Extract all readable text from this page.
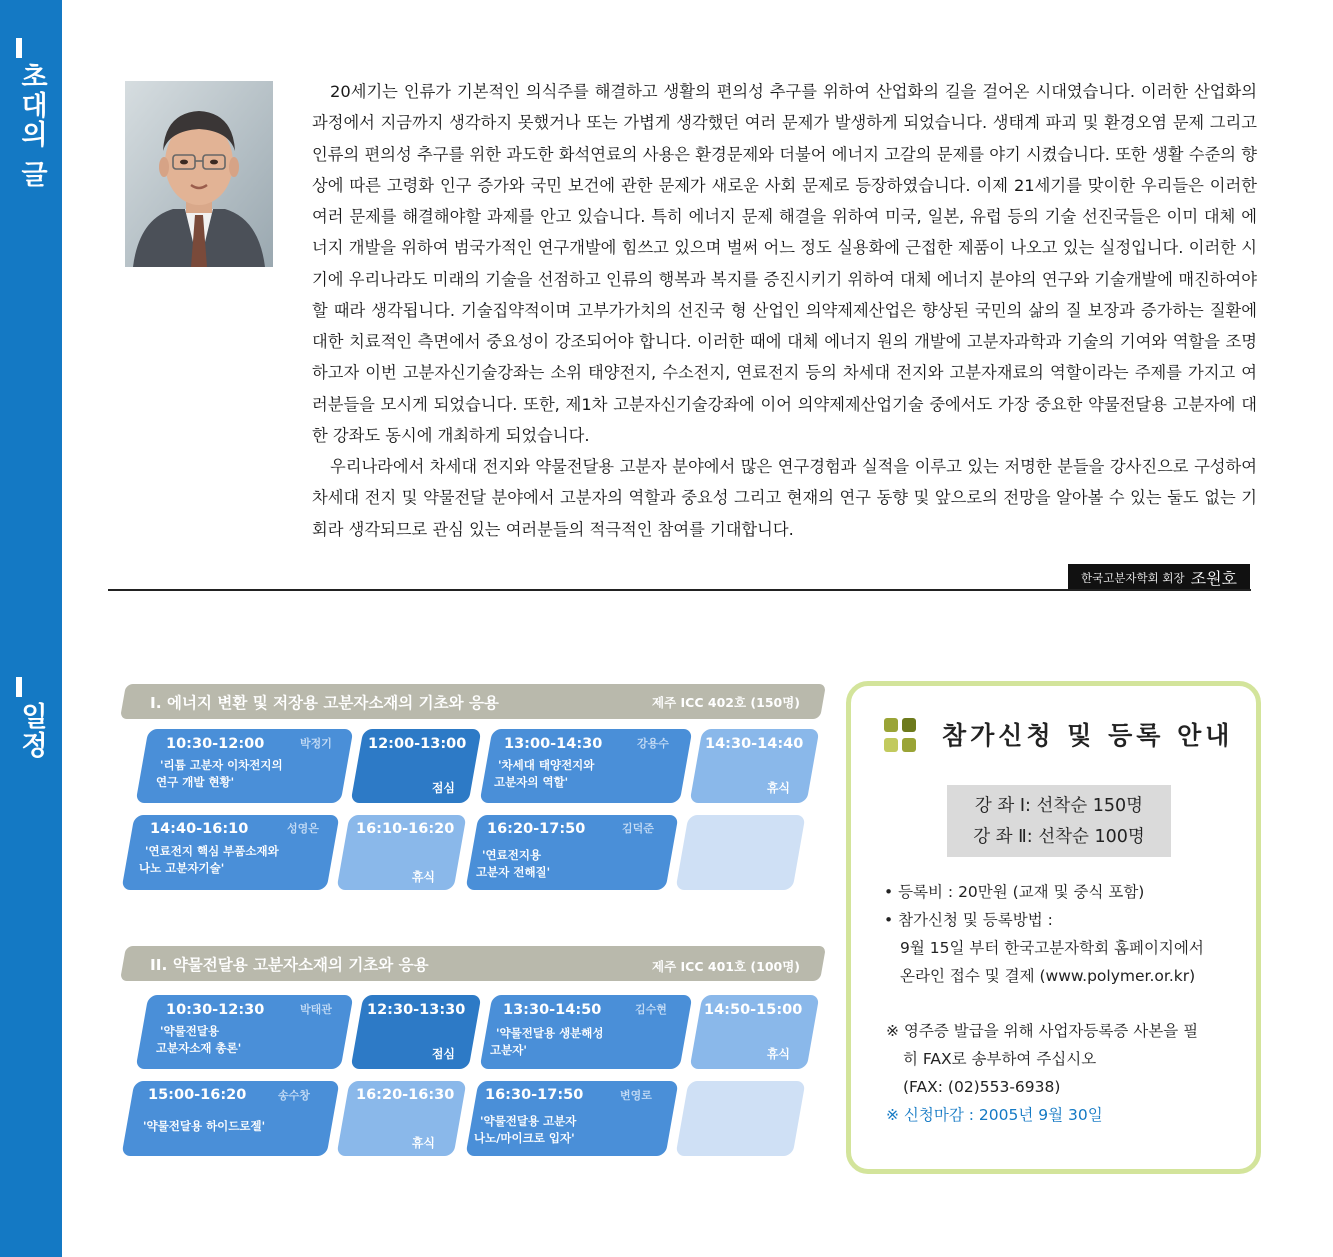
초대의 글
일정

20세기는 인류가 기본적인 의식주를 해결하고 생활의 편의성 추구를 위하여 산업화의 길을 걸어온 시대였습니다. 이러한 산업화의 과정에서 지금까지 생각하지 못했거나 또는 가볍게 생각했던 여러 문제가 발생하게 되었습니다. 생태계 파괴 및 환경오염 문제 그리고 인류의 편의성 추구를 위한 과도한 화석연료의 사용은 환경문제와 더불어 에너지 고갈의 문제를 야기 시켰습니다. 또한 생활 수준의 향상에 따른 고령화 인구 증가와 국민 보건에 관한 문제가 새로운 사회 문제로 등장하였습니다. 이제 21세기를 맞이한 우리들은 이러한 여러 문제를 해결해야할 과제를 안고 있습니다. 특히 에너지 문제 해결을 위하여 미국, 일본, 유럽 등의 기술 선진국들은 이미 대체 에너지 개발을 위하여 범국가적인 연구개발에 힘쓰고 있으며 벌써 어느 정도 실용화에 근접한 제품이 나오고 있는 실정입니다. 이러한 시기에 우리나라도 미래의 기술을 선점하고 인류의 행복과 복지를 증진시키기 위하여 대체 에너지 분야의 연구와 기술개발에 매진하여야 할 때라 생각됩니다. 기술집약적이며 고부가가치의 선진국 형 산업인 의약제제산업은 향상된 국민의 삶의 질 보장과 증가하는 질환에 대한 치료적인 측면에서 중요성이 강조되어야 합니다. 이러한 때에 대체 에너지 원의 개발에 고분자과학과 기술의 기여와 역할을 조명하고자 이번 고분자신기술강좌는 소위 태양전지, 수소전지, 연료전지 등의 차세대 전지와 고분자재료의 역할이라는 주제를 가지고 여러분들을 모시게 되었습니다. 또한, 제1차 고분자신기술강좌에 이어 의약제제산업기술 중에서도 가장 중요한 약물전달용 고분자에 대한 강좌도 동시에 개최하게 되었습니다.

우리나라에서 차세대 전지와 약물전달용 고분자 분야에서 많은 연구경험과 실적을 이루고 있는 저명한 분들을 강사진으로 구성하여 차세대 전지 및 약물전달 분야에서 고분자의 역할과 중요성 그리고 현재의 연구 동향 및 앞으로의 전망을 알아볼 수 있는 둘도 없는 기회라 생각되므로 관심 있는 여러분들의 적극적인 참여를 기대합니다.

한국고분자학회 회장 조원호
I. 에너지 변환 및 저장용 고분자소재의 기초와 응용	제주 ICC 402호 (150명)
10:30-12:00	박정기
'리튬 고분자 이차전지의
연구 개발 현황'
12:00-13:00
점심
13:00-14:30	강용수
'차세대 태양전지와
고분자의 역할'
14:30-14:40
휴식
14:40-16:10	성영은
'연료전지 핵심 부품소재와
나노 고분자기술'
16:10-16:20
휴식
16:20-17:50	김덕준
'연료전지용
고분자 전해질'
II. 약물전달용 고분자소재의 기초와 응용	제주 ICC 401호 (100명)
10:30-12:30	박태관
'약물전달용
고분자소재 총론'
12:30-13:30
점심
13:30-14:50	김수현
'약물전달용 생분해성
고분자'
14:50-15:00
휴식
15:00-16:20	송수창
'약물전달용 하이드로젤'
16:20-16:30
휴식
16:30-17:50	변영로
'약물전달용 고분자
나노/마이크로 입자'
참가신청 및 등록 안내
강 좌 Ⅰ: 선착순 150명
강 좌 Ⅱ: 선착순 100명
• 등록비 : 20만원 (교재 및 중식 포함)
• 참가신청 및 등록방법 :
9월 15일 부터 한국고분자학회 홈페이지에서
온라인 접수 및 결제 (www.polymer.or.kr)
※ 영주증 발급을 위해 사업자등록증 사본을 필
히 FAX로 송부하여 주십시오
(FAX: (02)553-6938)
※ 신청마감 : 2005년 9월 30일
